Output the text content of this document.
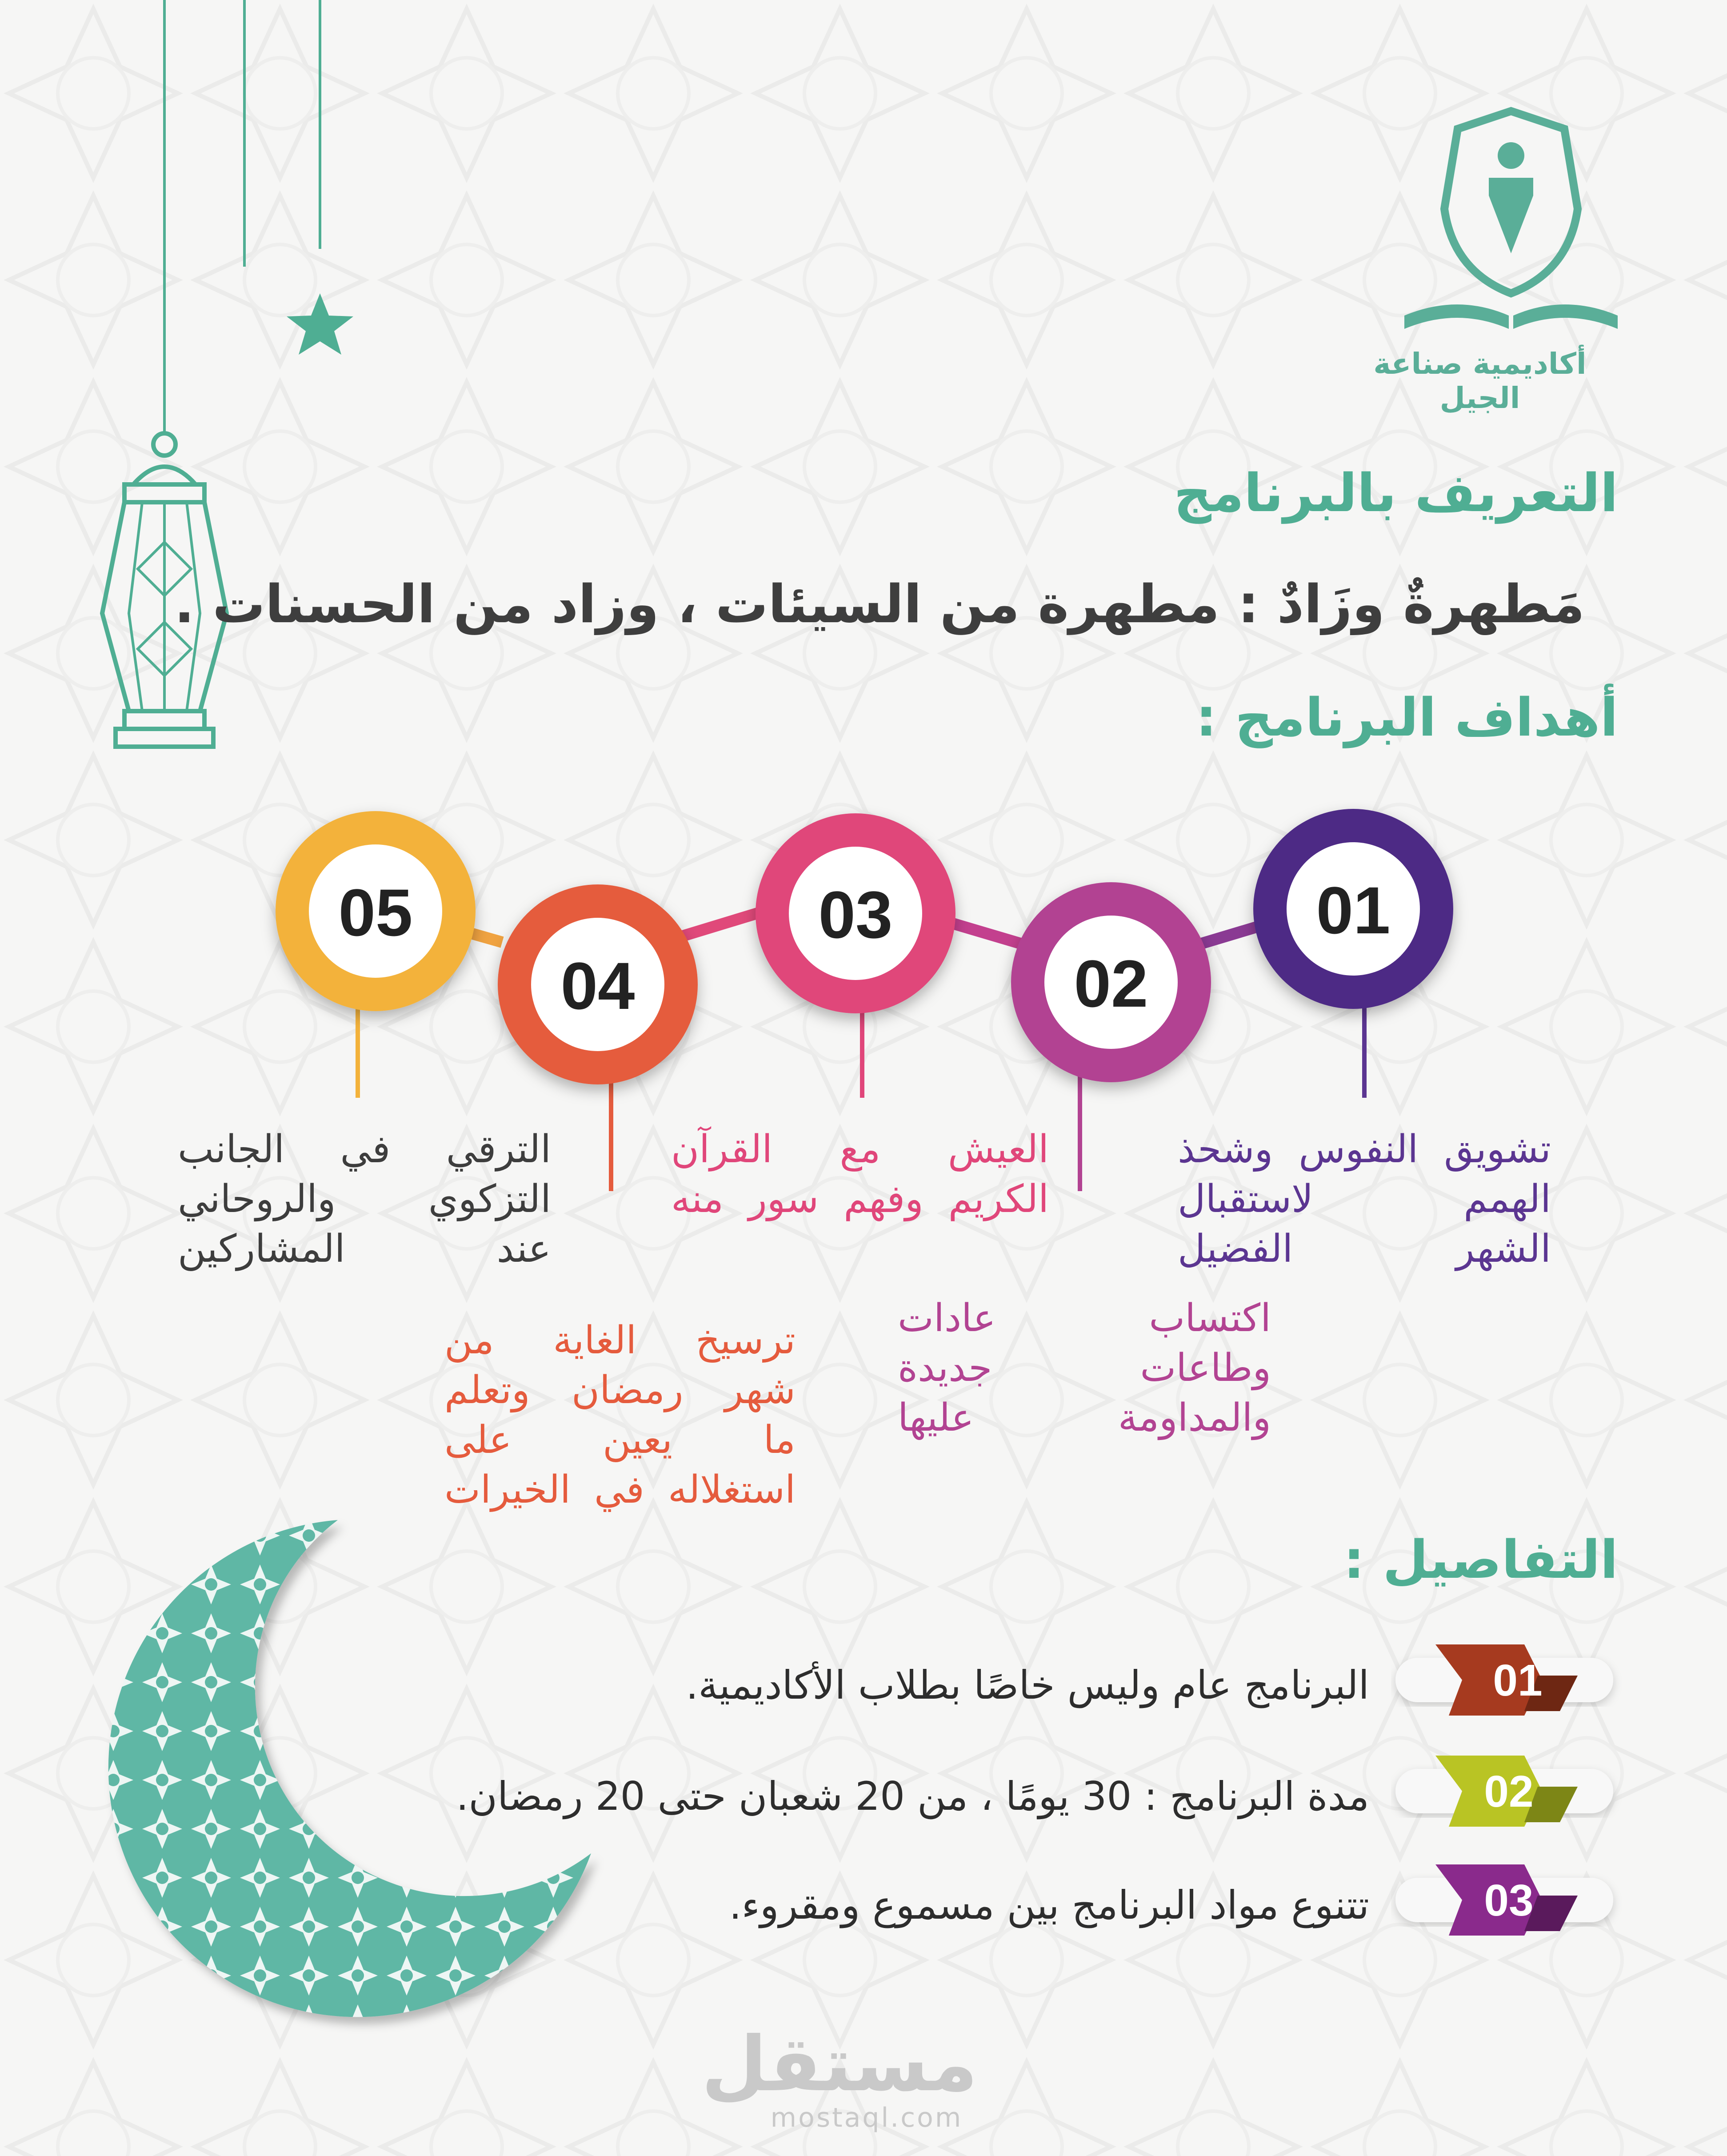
أكاديمية صناعة الجيل
التعريف بالبرنامج
مَطهرةٌ وزَادٌ : مطهرة من السيئات ، وزاد من الحسنات .
أهداف البرنامج :
01
02
03
04
05
تشويق النفوس وشحذ
الهمم لاستقبال
الشهر الفضيل
اكتساب عادات
وطاعات جديدة
والمداومة عليها
العيش مع القرآن
الكريم وفهم سور منه
ترسيخ الغاية من
شهر رمضان وتعلم
ما يعين على
استغلاله في الخيرات
الترقي في الجانب
التزكوي والروحاني
عند المشاركين
التفاصيل :
01
02
03
البرنامج عام وليس خاصًا بطلاب الأكاديمية.
مدة البرنامج : 30 يومًا ، من 20 شعبان حتى 20 رمضان.
تتنوع مواد البرنامج بين مسموع ومقروء.
مستقل
mostaql.com
